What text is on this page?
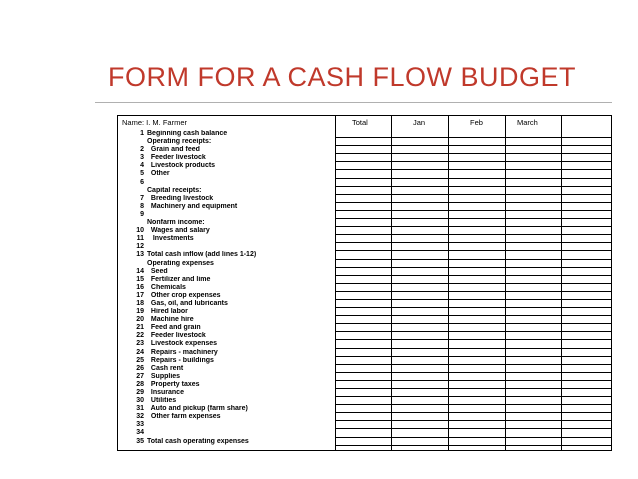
FORM FOR A CASH FLOW BUDGET
Name: I. M. Farmer	Total	Jan	Feb	March
1 Beginning cash balance
Operating receipts:
2 Grain and feed
3 Feeder livestock
4 Livestock products
5 Other
6
Capital receipts:
7 Breeding livestock
8 Machinery and equipment
9
Nonfarm income:
10 Wages and salary
11 Investments
12
13 Total cash inflow (add lines 1-12)
Operating expenses
14 Seed
15 Fertilizer and lime
16 Chemicals
17 Other crop expenses
18 Gas, oil, and lubricants
19 Hired labor
20 Machine hire
21 Feed and grain
22 Feeder livestock
23 Livestock expenses
24 Repairs - machinery
25 Repairs - buildings
26 Cash rent
27 Supplies
28 Property taxes
29 Insurance
30 Utilities
31 Auto and pickup (farm share)
32 Other farm expenses
33
34
35 Total cash operating expenses
